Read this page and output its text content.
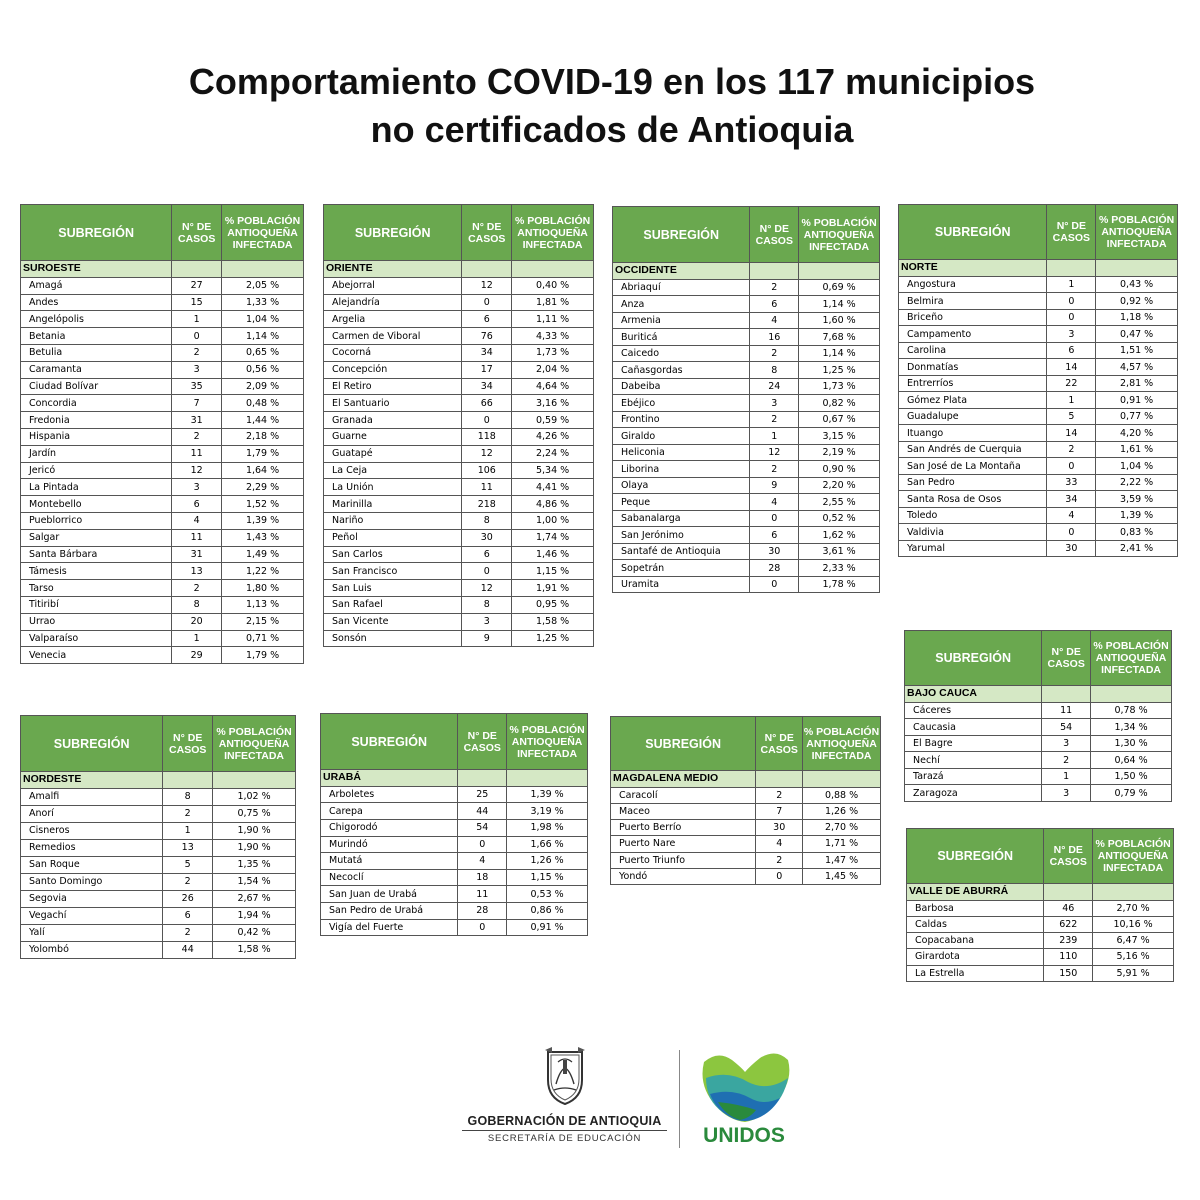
Comportamiento COVID-19 en los 117 municipios
no certificados de Antioquia
SUBREGIÓN	N° DE CASOS	% POBLACIÓN ANTIOQUEÑA INFECTADA
SUROESTE		
Amagá	27	2,05 %
Andes	15	1,33 %
Angelópolis	1	1,04 %
Betania	0	1,14 %
Betulia	2	0,65 %
Caramanta	3	0,56 %
Ciudad Bolívar	35	2,09 %
Concordia	7	0,48 %
Fredonia	31	1,44 %
Hispania	2	2,18 %
Jardín	11	1,79 %
Jericó	12	1,64 %
La Pintada	3	2,29 %
Montebello	6	1,52 %
Pueblorrico	4	1,39 %
Salgar	11	1,43 %
Santa Bárbara	31	1,49 %
Támesis	13	1,22 %
Tarso	2	1,80 %
Titiribí	8	1,13 %
Urrao	20	2,15 %
Valparaíso	1	0,71 %
Venecia	29	1,79 %
SUBREGIÓN	N° DE CASOS	% POBLACIÓN ANTIOQUEÑA INFECTADA
ORIENTE		
Abejorral	12	0,40 %
Alejandría	0	1,81 %
Argelia	6	1,11 %
Carmen de Viboral	76	4,33 %
Cocorná	34	1,73 %
Concepción	17	2,04 %
El Retiro	34	4,64 %
El Santuario	66	3,16 %
Granada	0	0,59 %
Guarne	118	4,26 %
Guatapé	12	2,24 %
La Ceja	106	5,34 %
La Unión	11	4,41 %
Marinilla	218	4,86 %
Nariño	8	1,00 %
Peñol	30	1,74 %
San Carlos	6	1,46 %
San Francisco	0	1,15 %
San Luis	12	1,91 %
San Rafael	8	0,95 %
San Vicente	3	1,58 %
Sonsón	9	1,25 %
SUBREGIÓN	N° DE CASOS	% POBLACIÓN ANTIOQUEÑA INFECTADA
OCCIDENTE		
Abriaquí	2	0,69 %
Anza	6	1,14 %
Armenia	4	1,60 %
Buriticá	16	7,68 %
Caicedo	2	1,14 %
Cañasgordas	8	1,25 %
Dabeiba	24	1,73 %
Ebéjico	3	0,82 %
Frontino	2	0,67 %
Giraldo	1	3,15 %
Heliconia	12	2,19 %
Liborina	2	0,90 %
Olaya	9	2,20 %
Peque	4	2,55 %
Sabanalarga	0	0,52 %
San Jerónimo	6	1,62 %
Santafé de Antioquia	30	3,61 %
Sopetrán	28	2,33 %
Uramita	0	1,78 %
SUBREGIÓN	N° DE CASOS	% POBLACIÓN ANTIOQUEÑA INFECTADA
NORTE		
Angostura	1	0,43 %
Belmira	0	0,92 %
Briceño	0	1,18 %
Campamento	3	0,47 %
Carolina	6	1,51 %
Donmatías	14	4,57 %
Entrerríos	22	2,81 %
Gómez Plata	1	0,91 %
Guadalupe	5	0,77 %
Ituango	14	4,20 %
San Andrés de Cuerquia	2	1,61 %
San José de La Montaña	0	1,04 %
San Pedro	33	2,22 %
Santa Rosa de Osos	34	3,59 %
Toledo	4	1,39 %
Valdivia	0	0,83 %
Yarumal	30	2,41 %
SUBREGIÓN	N° DE CASOS	% POBLACIÓN ANTIOQUEÑA INFECTADA
BAJO CAUCA		
Cáceres	11	0,78 %
Caucasia	54	1,34 %
El Bagre	3	1,30 %
Nechí	2	0,64 %
Tarazá	1	1,50 %
Zaragoza	3	0,79 %
SUBREGIÓN	N° DE CASOS	% POBLACIÓN ANTIOQUEÑA INFECTADA
NORDESTE		
Amalfi	8	1,02 %
Anorí	2	0,75 %
Cisneros	1	1,90 %
Remedios	13	1,90 %
San Roque	5	1,35 %
Santo Domingo	2	1,54 %
Segovia	26	2,67 %
Vegachí	6	1,94 %
Yalí	2	0,42 %
Yolombó	44	1,58 %
SUBREGIÓN	N° DE CASOS	% POBLACIÓN ANTIOQUEÑA INFECTADA
URABÁ		
Arboletes	25	1,39 %
Carepa	44	3,19 %
Chigorodó	54	1,98 %
Murindó	0	1,66 %
Mutatá	4	1,26 %
Necoclí	18	1,15 %
San Juan de Urabá	11	0,53 %
San Pedro de Urabá	28	0,86 %
Vigía del Fuerte	0	0,91 %
SUBREGIÓN	N° DE CASOS	% POBLACIÓN ANTIOQUEÑA INFECTADA
MAGDALENA MEDIO		
Caracolí	2	0,88 %
Maceo	7	1,26 %
Puerto Berrío	30	2,70 %
Puerto Nare	4	1,71 %
Puerto Triunfo	2	1,47 %
Yondó	0	1,45 %
SUBREGIÓN	N° DE CASOS	% POBLACIÓN ANTIOQUEÑA INFECTADA
VALLE DE ABURRÁ		
Barbosa	46	2,70 %
Caldas	622	10,16 %
Copacabana	239	6,47 %
Girardota	110	5,16 %
La Estrella	150	5,91 %
GOBERNACIÓN DE ANTIOQUIA
SECRETARÍA DE EDUCACIÓN	UNIDOS
